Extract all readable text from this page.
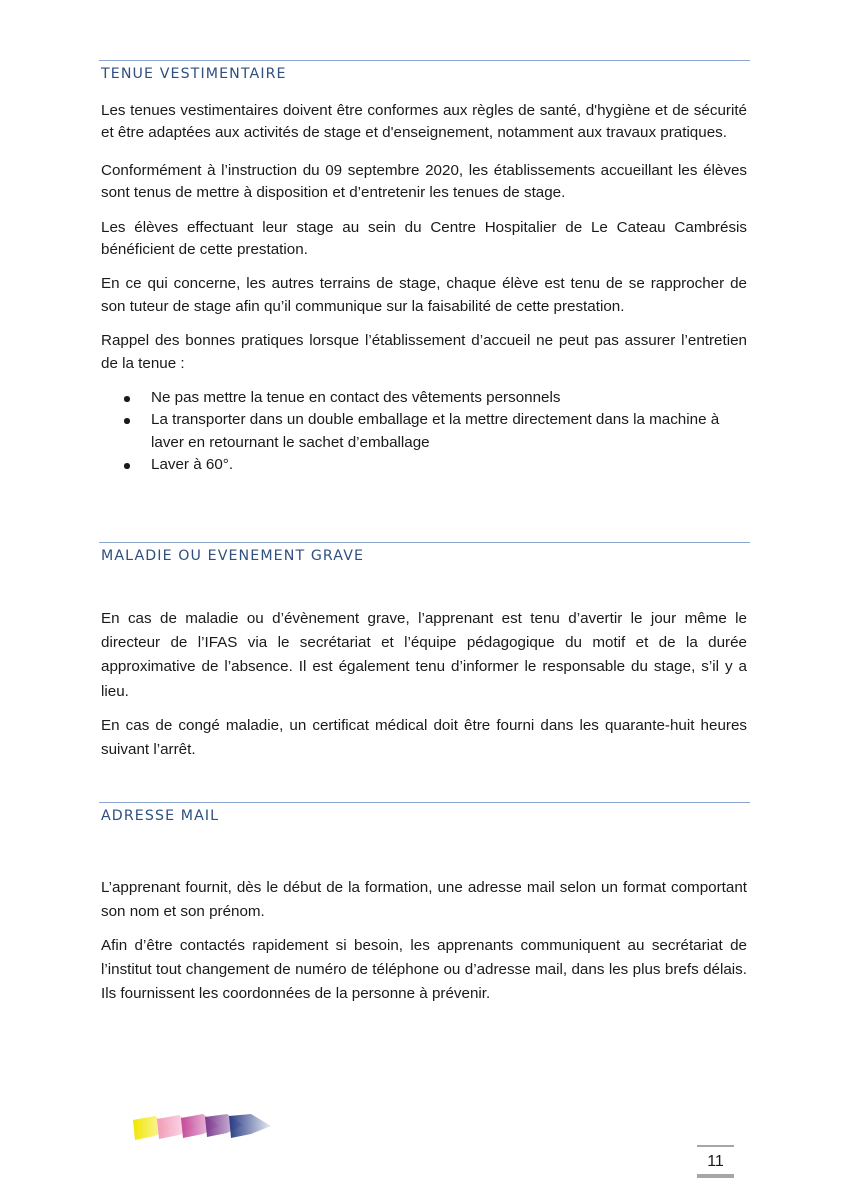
TENUE VESTIMENTAIRE

Les tenues vestimentaires doivent être conformes aux règles de santé, d'hygiène et de sécurité et être adaptées aux activités de stage et d'enseignement, notamment aux travaux pratiques.

Conformément à l’instruction du 09 septembre 2020, les établissements accueillant les élèves sont tenus de mettre à disposition et d’entretenir les tenues de stage.

Les élèves effectuant leur stage au sein du Centre Hospitalier de Le Cateau Cambrésis bénéficient de cette prestation.

En ce qui concerne, les autres terrains de stage, chaque élève est tenu de se rapprocher de son tuteur de stage afin qu’il communique sur la faisabilité de cette prestation.

Rappel des bonnes pratiques lorsque l’établissement d’accueil ne peut pas assurer l’entretien de la tenue :

Ne pas mettre la tenue en contact des vêtements personnels
La transporter dans un double emballage et la mettre directement dans la machine à laver en retournant le sachet d’emballage
Laver à 60°.
MALADIE OU EVENEMENT GRAVE

En cas de maladie ou d’évènement grave, l’apprenant est tenu d’avertir le jour même le directeur de l’IFAS via le secrétariat et l’équipe pédagogique du motif et de la durée approximative de l’absence. Il est également tenu d’informer le responsable du stage, s’il y a lieu.

En cas de congé maladie, un certificat médical doit être fourni dans les quarante-huit heures suivant l’arrêt.

ADRESSE MAIL

L’apprenant fournit, dès le début de la formation, une adresse mail selon un format comportant son nom et son prénom.

Afin d’être contactés rapidement si besoin, les apprenants communiquent au secrétariat de l’institut tout changement de numéro de téléphone ou d’adresse mail, dans les plus brefs délais. Ils fournissent les coordonnées de la personne à prévenir.

11
